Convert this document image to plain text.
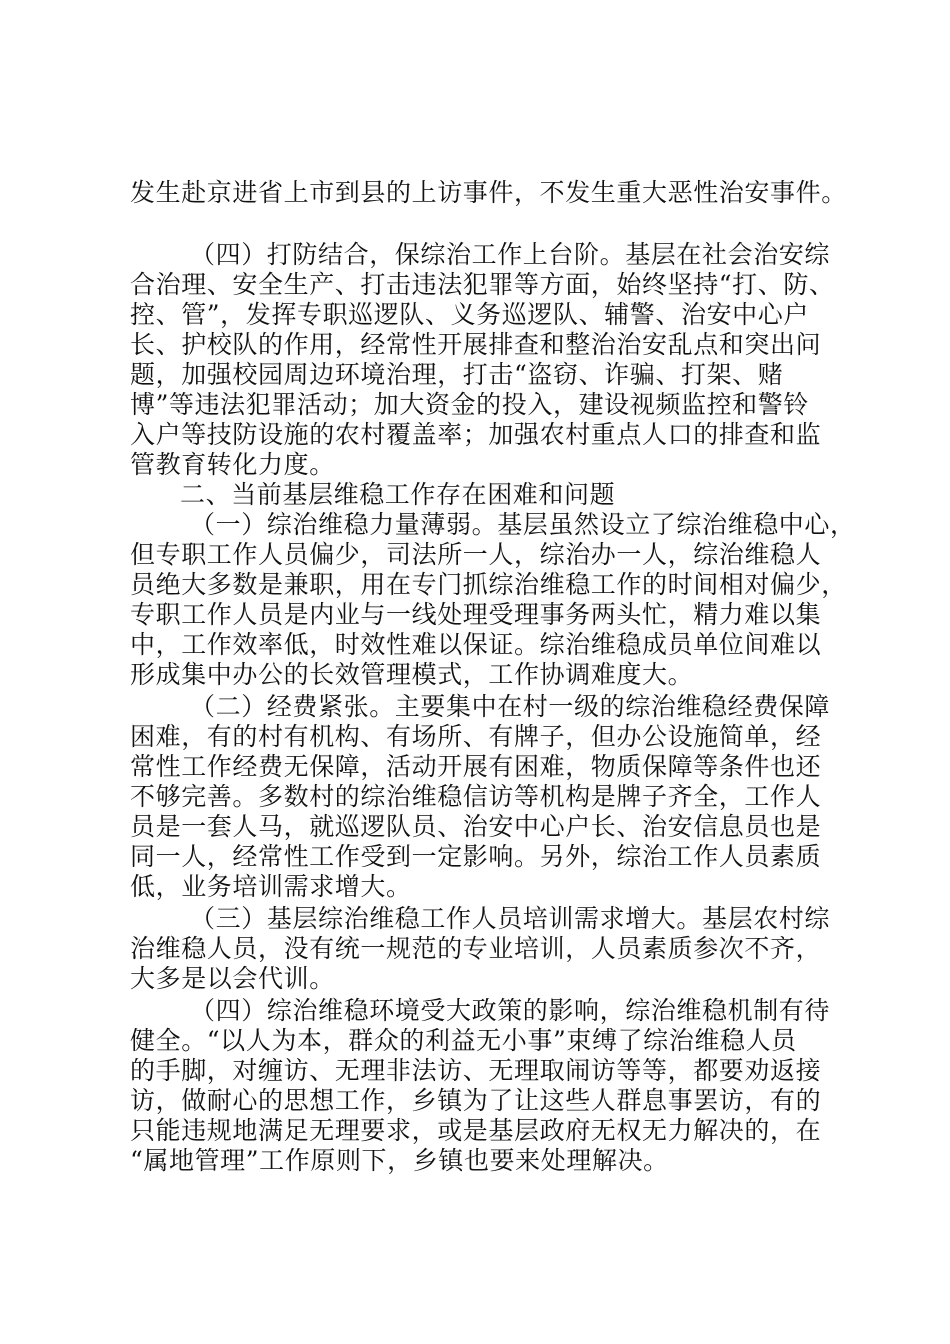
发生赴京进省上市到县的上访事件，不发生重大恶性治安事件。
（四）打防结合，保综治工作上台阶。基层在社会治安综
合治理、安全生产、打击违法犯罪等方面，始终坚持“打、防、
控、管”，发挥专职巡逻队、义务巡逻队、辅警、治安中心户
长、护校队的作用，经常性开展排查和整治治安乱点和突出问
题，加强校园周边环境治理，打击“盗窃、诈骗、打架、赌
博”等违法犯罪活动；加大资金的投入，建设视频监控和警铃
入户等技防设施的农村覆盖率；加强农村重点人口的排查和监
管教育转化力度。
二、当前基层维稳工作存在困难和问题
（一）综治维稳力量薄弱。基层虽然设立了综治维稳中心，
但专职工作人员偏少，司法所一人，综治办一人，综治维稳人
员绝大多数是兼职，用在专门抓综治维稳工作的时间相对偏少，
专职工作人员是内业与一线处理受理事务两头忙，精力难以集
中，工作效率低，时效性难以保证。综治维稳成员单位间难以
形成集中办公的长效管理模式，工作协调难度大。
（二）经费紧张。主要集中在村一级的综治维稳经费保障
困难，有的村有机构、有场所、有牌子，但办公设施简单，经
常性工作经费无保障，活动开展有困难，物质保障等条件也还
不够完善。多数村的综治维稳信访等机构是牌子齐全，工作人
员是一套人马，就巡逻队员、治安中心户长、治安信息员也是
同一人，经常性工作受到一定影响。另外，综治工作人员素质
低，业务培训需求增大。
（三）基层综治维稳工作人员培训需求增大。基层农村综
治维稳人员，没有统一规范的专业培训，人员素质参次不齐，
大多是以会代训。
（四）综治维稳环境受大政策的影响，综治维稳机制有待
健全。“以人为本，群众的利益无小事”束缚了综治维稳人员
的手脚，对缠访、无理非法访、无理取闹访等等，都要劝返接
访，做耐心的思想工作，乡镇为了让这些人群息事罢访，有的
只能违规地满足无理要求，或是基层政府无权无力解决的，在
“属地管理”工作原则下，乡镇也要来处理解决。
